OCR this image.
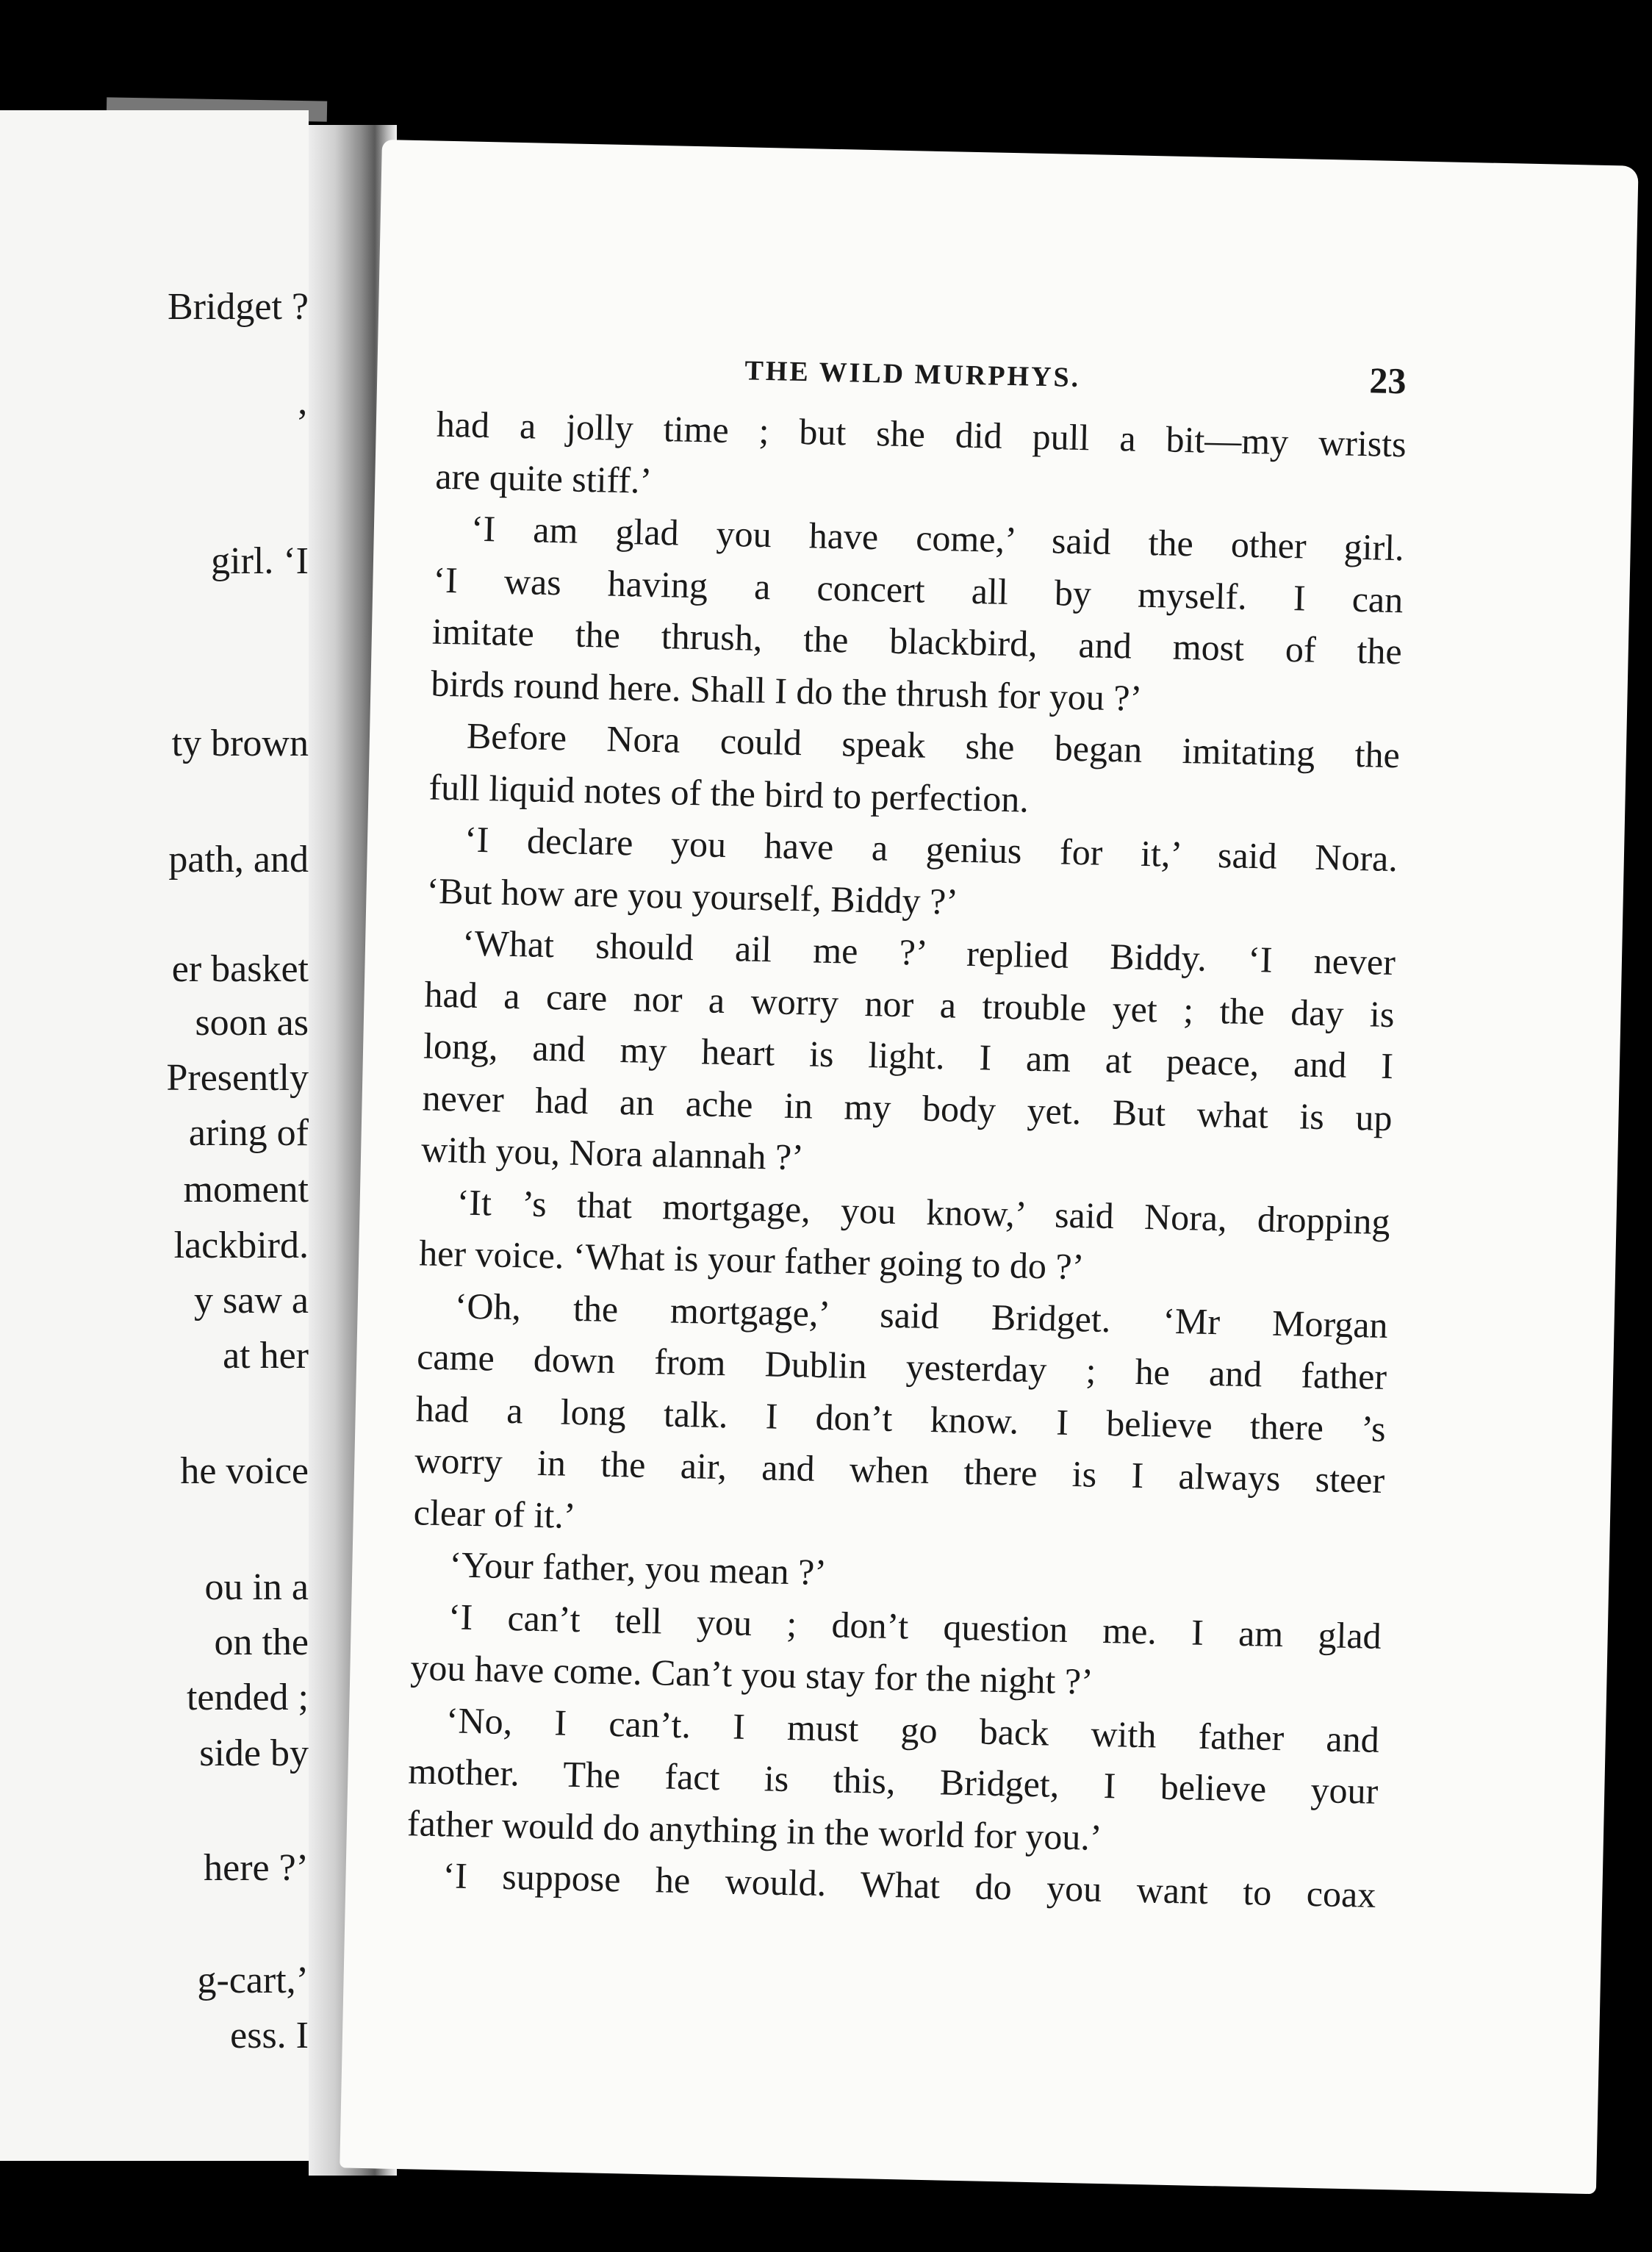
Bridget ?
’
girl. ‘I
ty brown
path, and
er basket
soon as
Presently
aring of
moment
lackbird.
y saw a
at her
he voice
ou in a
on the
tended ;
side by
here ?’
g-cart,’
ess. I
THE WILD MURPHYS.	23
had a jolly time ; but she did pull a bit—my wrists
are quite stiff.’
‘I am glad you have come,’ said the other girl.
‘I was having a concert all by myself. I can
imitate the thrush, the blackbird, and most of the
birds round here. Shall I do the thrush for you ?’
Before Nora could speak she began imitating the
full liquid notes of the bird to perfection.
‘I declare you have a genius for it,’ said Nora.
‘But how are you yourself, Biddy ?’
‘What should ail me ?’ replied Biddy. ‘I never
had a care nor a worry nor a trouble yet ; the day is
long, and my heart is light. I am at peace, and I
never had an ache in my body yet. But what is up
with you, Nora alannah ?’
‘It ’s that mortgage, you know,’ said Nora, dropping
her voice. ‘What is your father going to do ?’
‘Oh, the mortgage,’ said Bridget. ‘Mr Morgan
came down from Dublin yesterday ; he and father
had a long talk. I don’t know. I believe there ’s
worry in the air, and when there is I always steer
clear of it.’
‘Your father, you mean ?’
‘I can’t tell you ; don’t question me. I am glad
you have come. Can’t you stay for the night ?’
‘No, I can’t. I must go back with father and
mother. The fact is this, Bridget, I believe your
father would do anything in the world for you.’
‘I suppose he would. What do you want to coax
